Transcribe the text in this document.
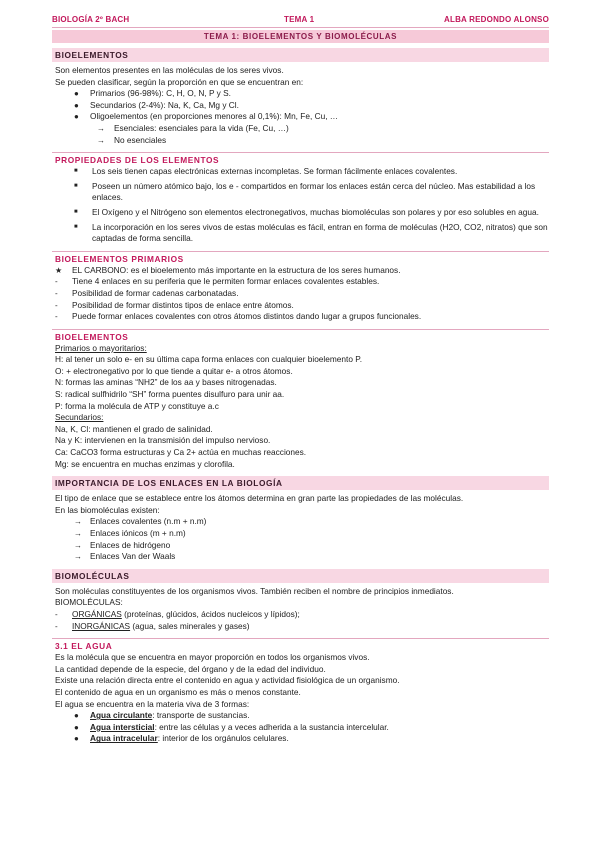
BIOLOGÍA 2º BACH	TEMA 1	ALBA REDONDO ALONSO
TEMA 1: BIOELEMENTOS Y BIOMOLÉCULAS
BIOELEMENTOS
Son elementos presentes en las moléculas de los seres vivos.
Se pueden clasificar, según la proporción en que se encuentran en:
● Primarios (96-98%): C, H, O, N, P y S.
● Secundarios (2-4%): Na, K, Ca, Mg y Cl.
● Oligoelementos (en proporciones menores al 0,1%): Mn, Fe, Cu, …
→ Esenciales: esenciales para la vida (Fe, Cu, …)
→ No esenciales
PROPIEDADES DE LOS ELEMENTOS
■ Los seis tienen capas electrónicas externas incompletas. Se forman fácilmente enlaces covalentes.
■ Poseen un número atómico bajo, los e - compartidos en formar los enlaces están cerca del núcleo. Mas estabilidad a los enlaces.
■ El Oxígeno y el Nitrógeno son elementos electronegativos, muchas biomoléculas son polares y por eso solubles en agua.
■ La incorporación en los seres vivos de estas moléculas es fácil, entran en forma de moléculas (H2O, CO2, nitratos) que son captadas de forma sencilla.
BIOELEMENTOS PRIMARIOS
★ EL CARBONO: es el bioelemento más importante en la estructura de los seres humanos.
- Tiene 4 enlaces en su periferia que le permiten formar enlaces covalentes estables.
- Posibilidad de formar cadenas carbonatadas.
- Posibilidad de formar distintos tipos de enlace entre átomos.
- Puede formar enlaces covalentes con otros átomos distintos dando lugar a grupos funcionales.
BIOELEMENTOS
Primarios o mayoritarios:
H: al tener un solo e- en su última capa forma enlaces con cualquier bioelemento P.
O: + electronegativo por lo que tiende a quitar e- a otros átomos.
N: formas las aminas “NH2” de los aa y bases nitrogenadas.
S: radical sulfhidrilo “SH” forma puentes disulfuro para unir aa.
P: forma la molécula de ATP y constituye a.c
Secundarios:
Na, K, Cl: mantienen el grado de salinidad.
Na y K: intervienen en la transmisión del impulso nervioso.
Ca: CaCO3 forma estructuras y Ca 2+ actúa en muchas reacciones.
Mg: se encuentra en muchas enzimas y clorofila.
IMPORTANCIA DE LOS ENLACES EN LA BIOLOGÍA
El tipo de enlace que se establece entre los átomos determina en gran parte las propiedades de las moléculas.
En las biomoléculas existen:
→ Enlaces covalentes (n.m + n.m)
→ Enlaces iónicos (m + n.m)
→ Enlaces de hidrógeno
→ Enlaces Van der Waals
BIOMOLÉCULAS
Son moléculas constituyentes de los organismos vivos. También reciben el nombre de principios inmediatos.
BIOMOLÉCULAS:
- ORGÁNICAS (proteínas, glúcidos, ácidos nucleicos y lípidos);
- INORGÁNICAS (agua, sales minerales y gases)
3.1 EL AGUA
Es la molécula que se encuentra en mayor proporción en todos los organismos vivos.
La cantidad depende de la especie, del órgano y de la edad del individuo.
Existe una relación directa entre el contenido en agua y actividad fisiológica de un organismo.
El contenido de agua en un organismo es más o menos constante.
El agua se encuentra en la materia viva de 3 formas:
● Agua circulante: transporte de sustancias.
● Agua intersticial: entre las células y a veces adherida a la sustancia intercelular.
● Agua intracelular: interior de los orgánulos celulares.
